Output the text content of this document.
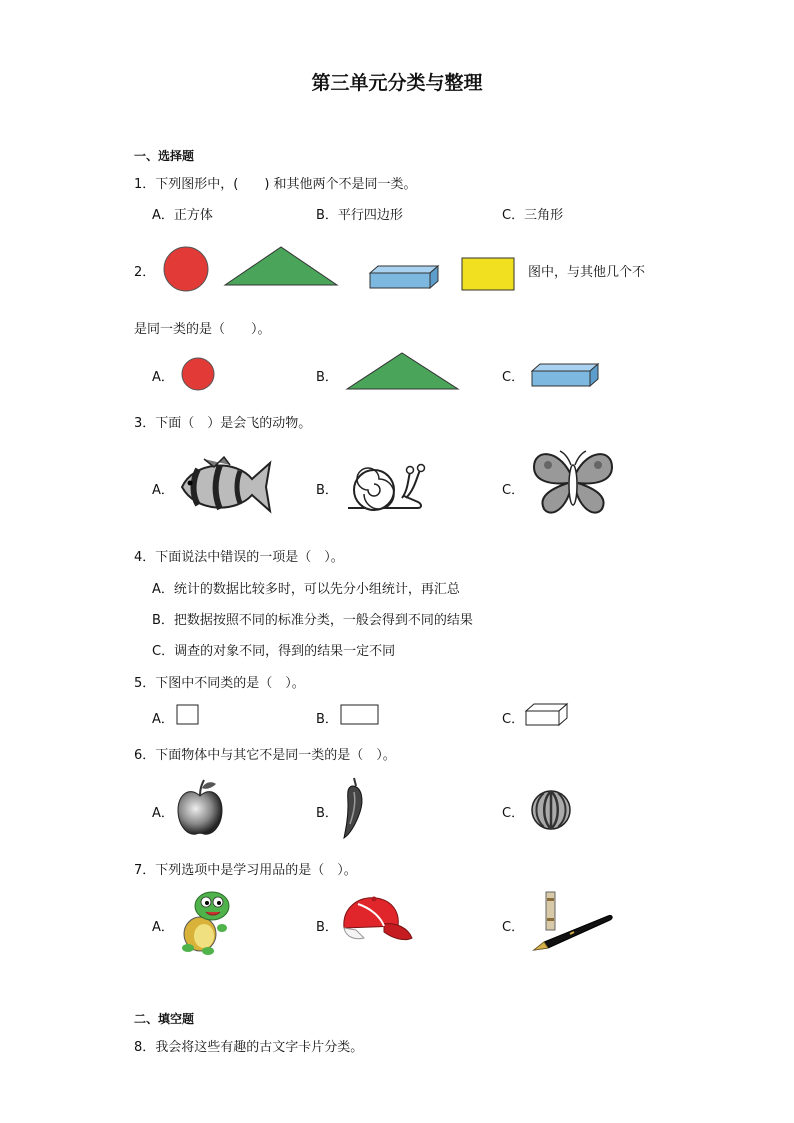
第三单元分类与整理
一、选择题
1．下列图形中，(　　) 和其他两个不是同一类。
A．正方体	B．平行四边形	C．三角形
2．	图中，与其他几个不
是同一类的是（　　）。
A．	B．	C．
3．下面（　）是会飞的动物。
A．	B．	C．
4．下面说法中错误的一项是（　）。
A．统计的数据比较多时，可以先分小组统计，再汇总
B．把数据按照不同的标准分类，一般会得到不同的结果
C．调查的对象不同，得到的结果一定不同
5．下图中不同类的是（　）。
A．	B．	C．
6．下面物体中与其它不是同一类的是（　）。
A．	B．	C．
7．下列选项中是学习用品的是（　）。
A．	B．	C．
二、填空题
8．我会将这些有趣的古文字卡片分类。
